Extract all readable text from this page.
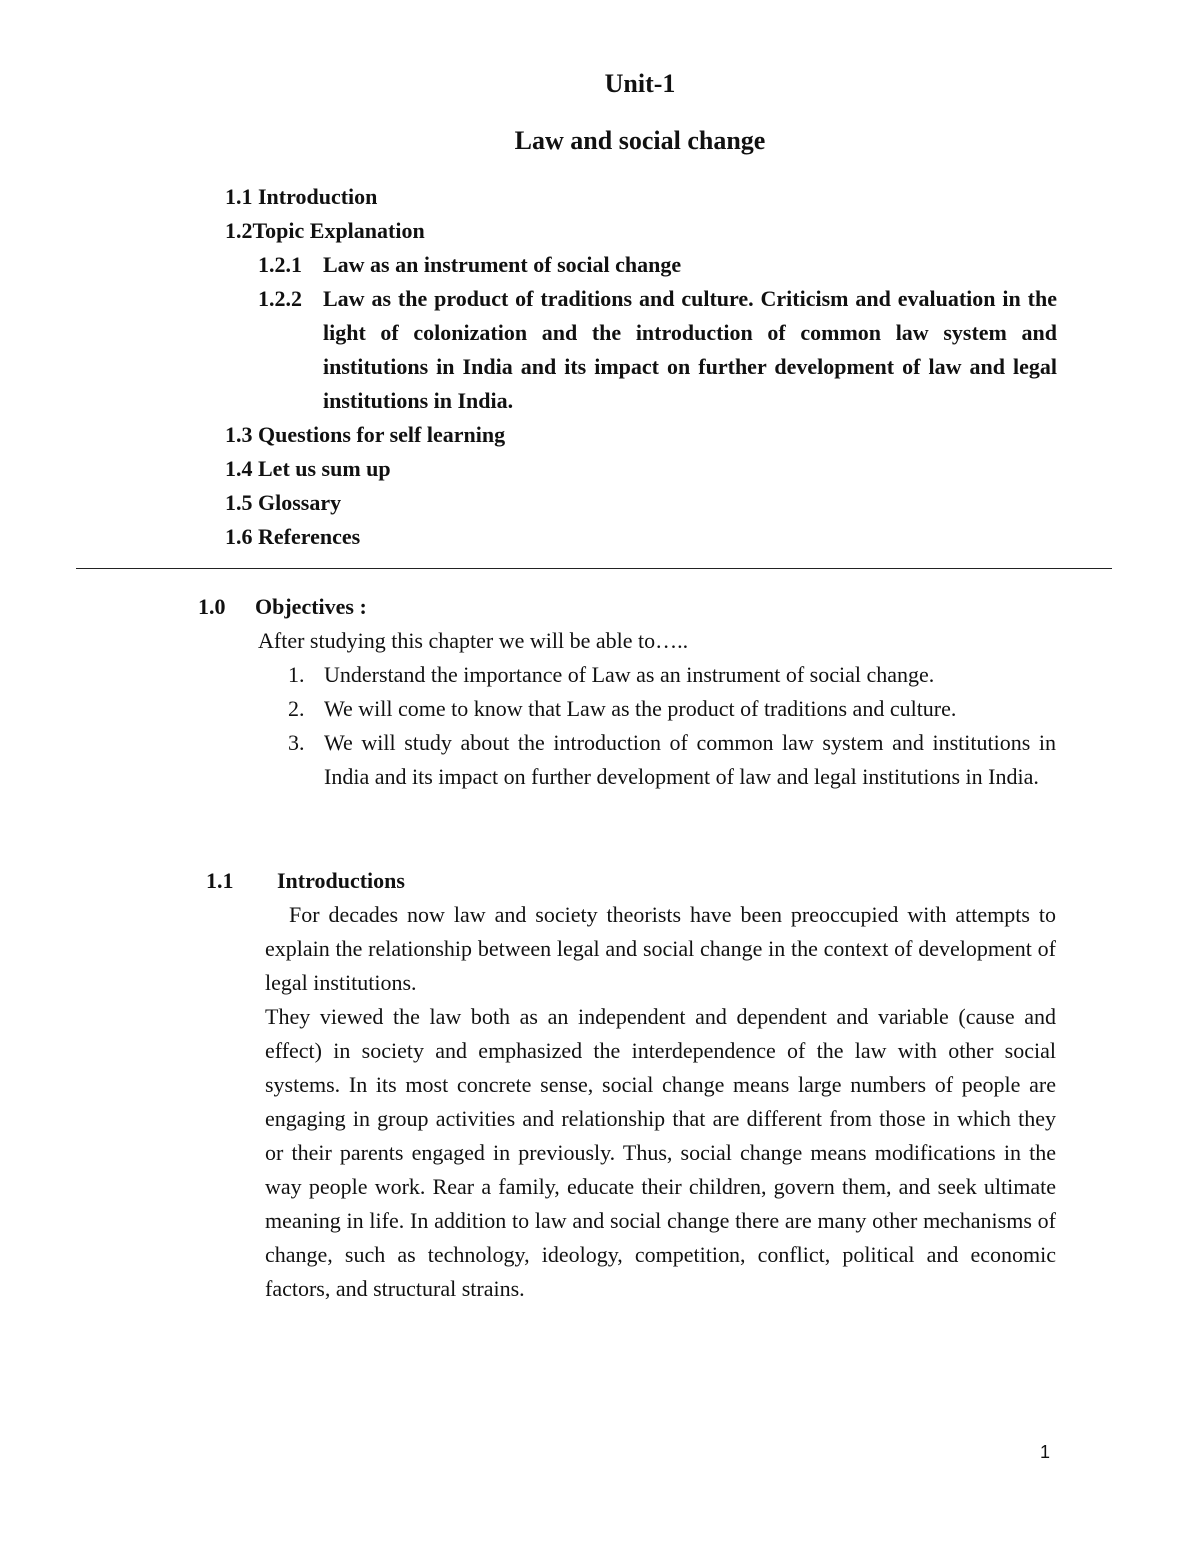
Unit-1
Law and social change
1.1 Introduction
1.2Topic Explanation
1.2.1 Law as an instrument of social change
1.2.2 Law as the product of traditions and culture. Criticism and evaluation in the light of colonization and the introduction of common law system and institutions in India and its impact on further development of law and legal institutions in India.
1.3 Questions for self learning
1.4 Let us sum up
1.5 Glossary
1.6 References
1.0 Objectives :
After studying this chapter we will be able to…..
1. Understand the importance of Law as an instrument of social change.
2. We will come to know that Law as the product of traditions and culture.
3. We will study about the introduction of common law system and institutions in India and its impact on further development of law and legal institutions in India.
1.1 Introductions

For decades now law and society theorists have been preoccupied with attempts to explain the relationship between legal and social change in the context of development of legal institutions.

They viewed the law both as an independent and dependent and variable (cause and effect) in society and emphasized the interdependence of the law with other social systems. In its most concrete sense, social change means large numbers of people are engaging in group activities and relationship that are different from those in which they or their parents engaged in previously. Thus, social change means modifications in the way people work. Rear a family, educate their children, govern them, and seek ultimate meaning in life. In addition to law and social change there are many other mechanisms of change, such as technology, ideology, competition, conflict, political and economic factors, and structural strains.

1
